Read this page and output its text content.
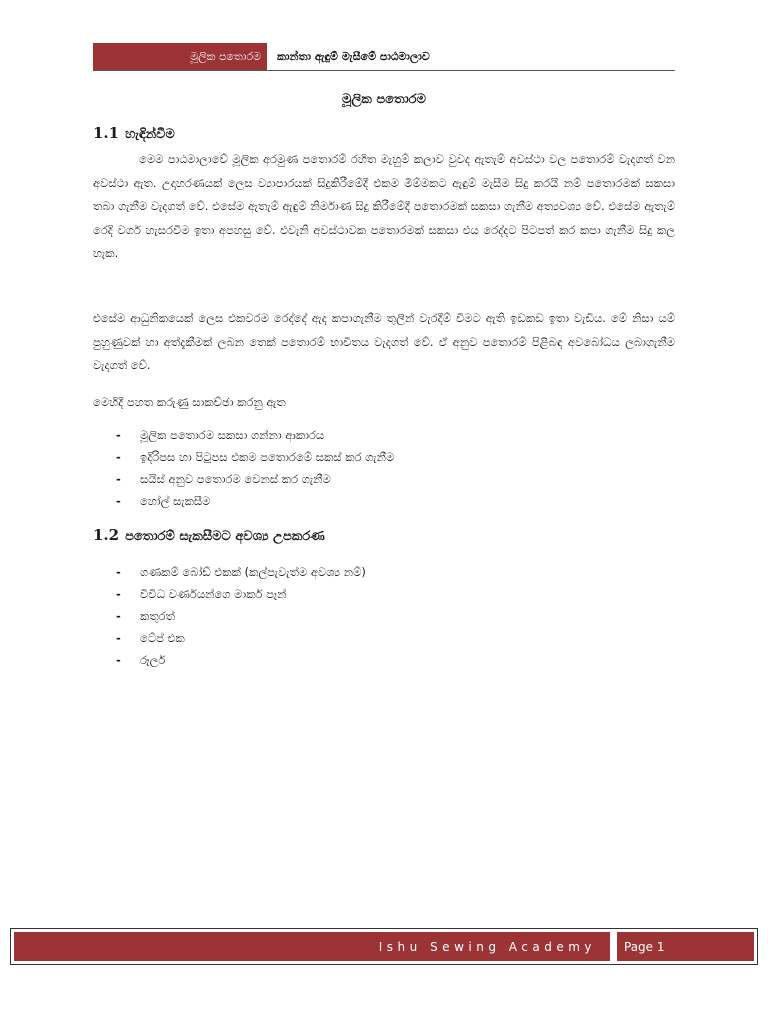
මූලික පතොරම	කාන්තා ඇඳුම් මැසීමේ පාඨමාලාව
මූලික පතොරම
1.1 හැඳින්වීම

මෙම පාඨමාලාවේ මූලික අරමුණ පතොරම් රහිත මැහුම් කලාව වුවද ඇතැම් අවස්ථා වල පතොරම් වැදගත් වන අවස්ථා ඇත. උදාහරණයක් ලෙස ව්‍යාපාරයක් සිදුකිරීමේදී එකම මිම්මකට ඇඳුම් මැසීම සිදු කරයි නම් පතොරමක් සකසා තබා ගැනීම වැදගත් වේ. එසේම ඇතැම් ඇඳුම් නිර්මාණ සිදු කිරීමේදී පතොරමක් සකසා ගැනීම අත්‍යවශ්‍ය වේ. එසේම ඇතැම් රෙදි වර්ග හැසරවීම ඉතා අපහසු වේ. එවැනි අවස්ථාවක පතොරමක් සකසා එය රෙද්දට පිටපත් කර කපා ගැනීම සිදු කල හැක.

එසේම ආධුනිකයෙක් ලෙස එකවරම රෙද්දේ ඇද කපාගැනීම තුලින් වැරදීම් වීමට ඇති ඉඩකඩ ඉතා වැඩිය. මේ නිසා යම් පුහුණුවක් හා අත්දැකීමක් ලබන තෙක් පතොරම් භාවිතය වැදගත් වේ. ඒ අනුව පතොරම් පිළිබඳ අවබෝධය ලබාගැනීම වැදගත් වේ.

මෙහිදී පහත කරුණු සාකච්ඡා කරනු ඇත

-	මූලික පතොරම සකසා ගන්නා ආකාරය
-	ඉදිරිපස හා පිටුපස එකම පතොරමේ සකස් කර ගැනීම
-	සයිස් අනුව පතොරම වෙනස් කර ගැනීම
-	හෝල් සැකසීම
1.2 පතොරම් සැකසීමට අවශ්‍ය උපකරණ
-	ගණකම් බෝඩ් එකක් (කල්පැවැත්ම අවශ්‍ය නම්)
-	විවිධ වර්ණයන්ගෙ මාකර් පෑන්
-	කතුරත්
-	ටේප් එක
-	රූලර්
Ishu Sewing Academy	Page 1
